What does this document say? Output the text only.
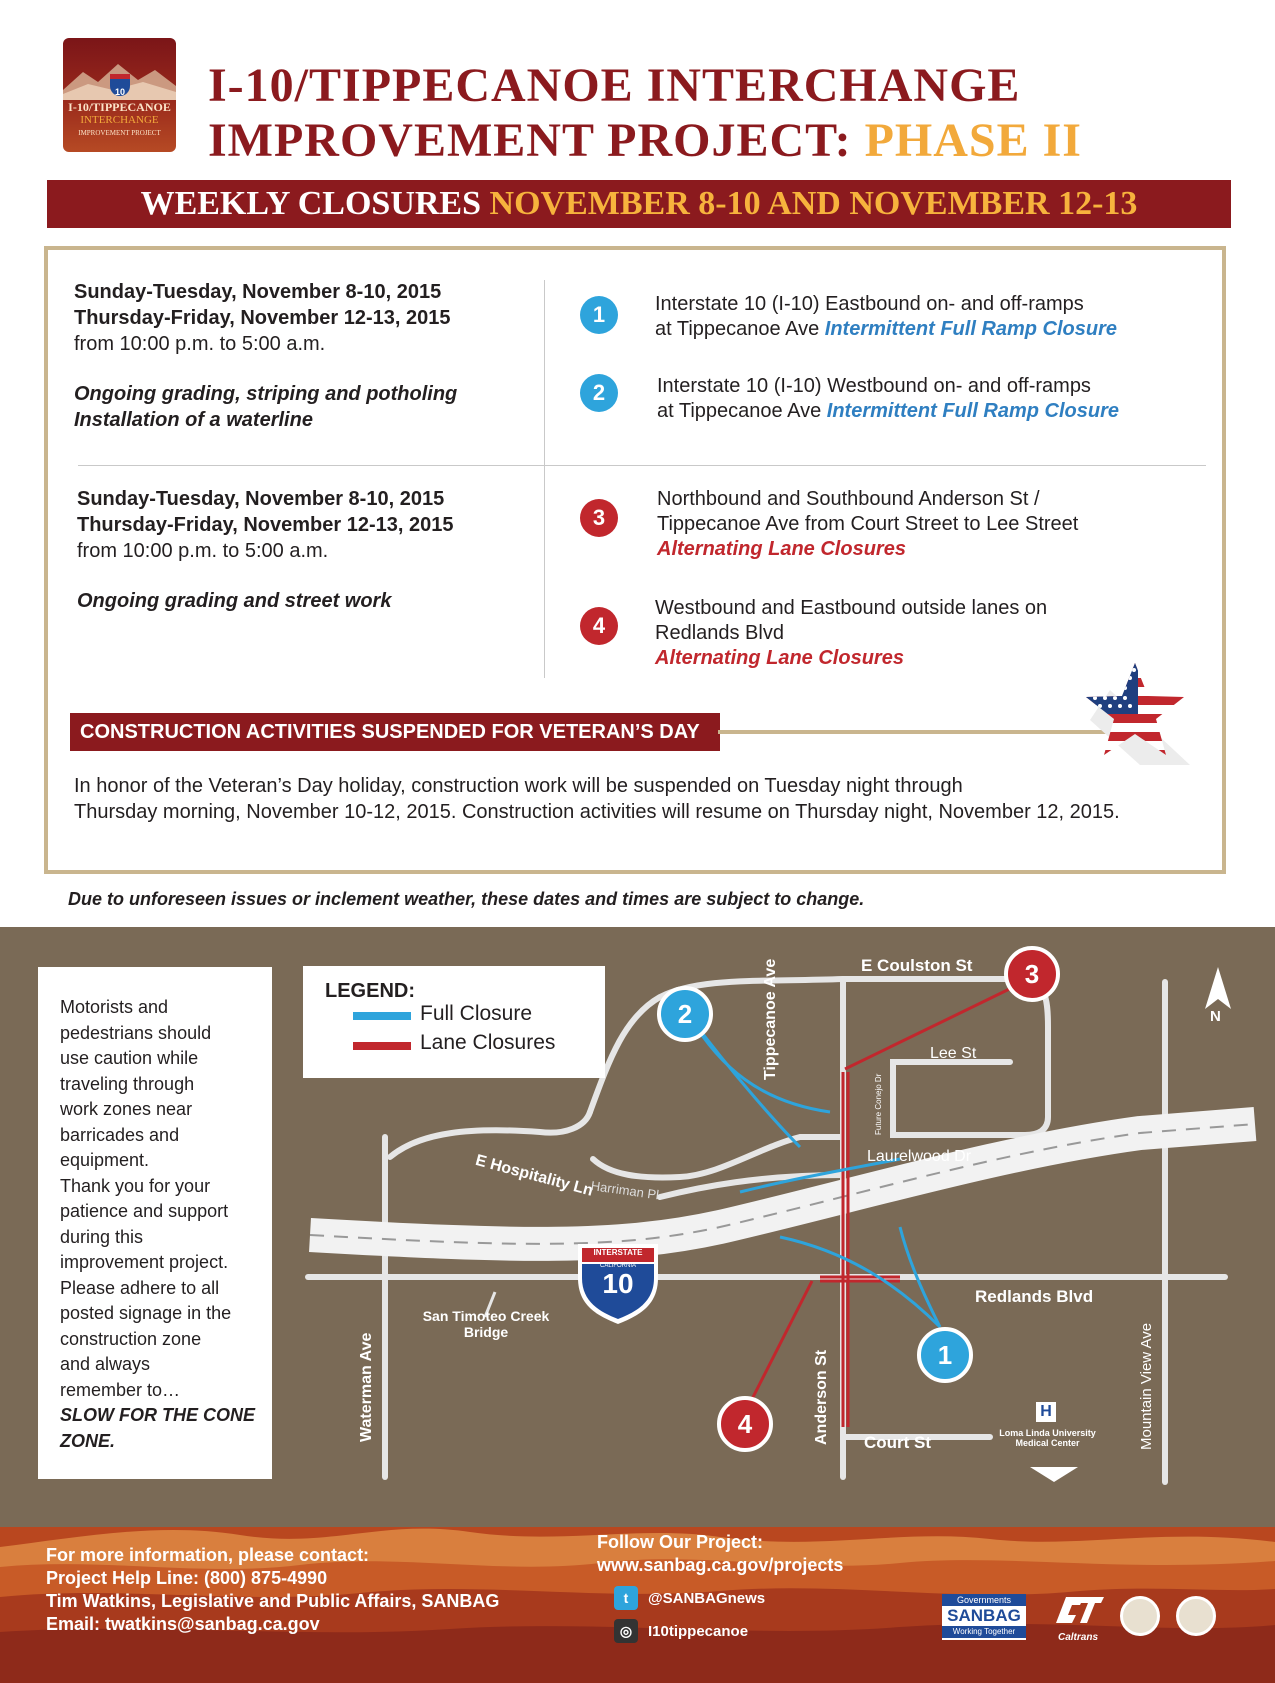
10
I-10/TIPPECANOE
INTERCHANGE
IMPROVEMENT PROJECT
I-10/TIPPECANOE INTERCHANGE
IMPROVEMENT PROJECT: PHASE II
WEEKLY CLOSURES NOVEMBER 8-10 AND NOVEMBER 12-13
Sunday-Tuesday, November 8-10, 2015
Thursday-Friday, November 12-13, 2015
from 10:00 p.m. to 5:00 a.m.
Ongoing grading, striping and potholing
Installation of a waterline
Sunday-Tuesday, November 8-10, 2015
Thursday-Friday, November 12-13, 2015
from 10:00 p.m. to 5:00 a.m.
Ongoing grading and street work
1	Interstate 10 (I-10) Eastbound on- and off-ramps
at Tippecanoe Ave Intermittent Full Ramp Closure
2	Interstate 10 (I-10) Westbound on- and off-ramps
at Tippecanoe Ave Intermittent Full Ramp Closure
3
Northbound and Southbound Anderson St /
Tippecanoe Ave from Court Street to Lee Street
Alternating Lane Closures
4
Westbound and Eastbound outside lanes on
Redlands Blvd
Alternating Lane Closures
CONSTRUCTION ACTIVITIES SUSPENDED FOR VETERAN’S DAY
In honor of the Veteran’s Day holiday, construction work will be suspended on Tuesday night through
Thursday morning, November 10-12, 2015. Construction activities will resume on Thursday night, November 12, 2015.
Due to unforeseen issues or inclement weather, these dates and times are subject to change.
E Coulston St
Tippecanoe Ave	Lee St
Future Conejo Dr
E Hospitality Ln
Harriman Pl
Laurelwood Dr
Redlands Blvd
Waterman Ave	Anderson St Court St	Mountain View Ave
San Timoteo Creek
Bridge
H
Loma Linda University
Medical Center
N
INTERSTATE
CALIFORNIA
10
1
2
3
4
Motorists and
pedestrians should
use caution while
traveling through
work zones near
barricades and
equipment.
Thank you for your
patience and support
during this
improvement project.
Please adhere to all
posted signage in the
construction zone
and always
remember to…
SLOW FOR THE CONE
ZONE.
LEGEND:
Full Closure
Lane Closures
For more information, please contact:
Project Help Line: (800) 875-4990
Tim Watkins, Legislative and Public Affairs, SANBAG
Email: twatkins@sanbag.ca.gov
Follow Our Project:
www.sanbag.ca.gov/projects
t	@SANBAGnews
◎	I10tippecanoe
Governments
SANBAG
Working Together
Caltrans
